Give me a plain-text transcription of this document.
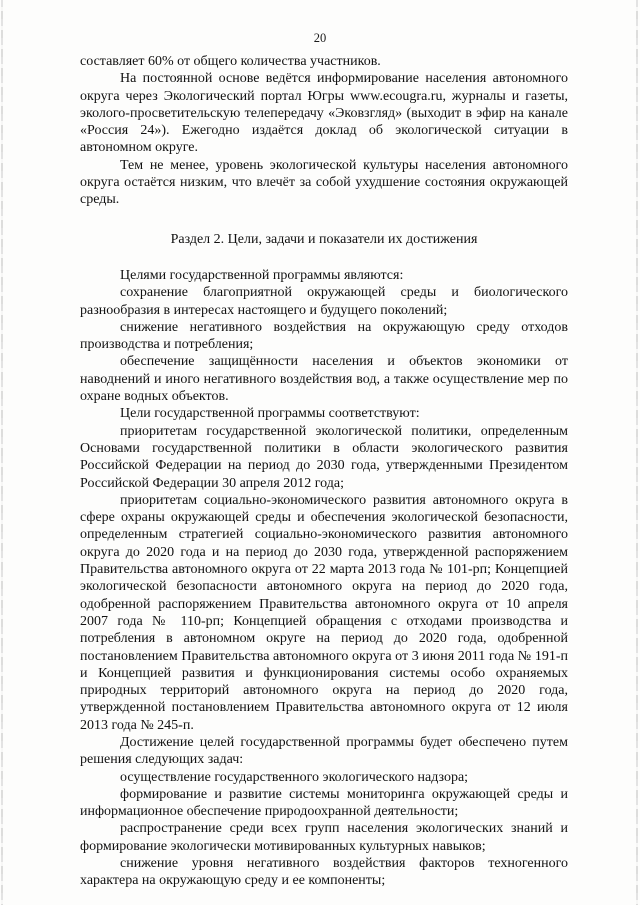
20

составляет 60% от общего количества участников.

На постоянной основе ведётся информирование населения автономного округа через Экологический портал Югры www.ecougra.ru, журналы и газеты, эколого-просветительскую телепередачу «Эковзгляд» (выходит в эфир на канале «Россия 24»). Ежегодно издаётся доклад об экологической ситуации в автономном округе.

Тем не менее, уровень экологической культуры населения автономного округа остаётся низким, что влечёт за собой ухудшение состояния окружающей среды.

Раздел 2. Цели, задачи и показатели их достижения

Целями государственной программы являются:

сохранение благоприятной окружающей среды и биологического разнообразия в интересах настоящего и будущего поколений;

снижение негативного воздействия на окружающую среду отходов производства и потребления;

обеспечение защищённости населения и объектов экономики от наводнений и иного негативного воздействия вод, а также осуществление мер по охране водных объектов.

Цели государственной программы соответствуют:

приоритетам государственной экологической политики, определенным Основами государственной политики в области экологического развития Российской Федерации на период до 2030 года, утвержденными Президентом Российской Федерации 30 апреля 2012 года;

приоритетам социально-экономического развития автономного округа в сфере охраны окружающей среды и обеспечения экологической безопасности, определенным стратегией социально-экономического развития автономного округа до 2020 года и на период до 2030 года, утвержденной распоряжением Правительства автономного округа от 22 марта 2013 года № 101-рп; Концепцией экологической безопасности автономного округа на период до 2020 года, одобренной распоряжением Правительства автономного округа от 10 апреля 2007 года № 110-рп; Концепцией обращения с отходами производства и потребления в автономном округе на период до 2020 года, одобренной постановлением Правительства автономного округа от 3 июня 2011 года № 191-п и Концепцией развития и функционирования системы особо охраняемых природных территорий автономного округа на период до 2020 года, утвержденной постановлением Правительства автономного округа от 12 июля 2013 года № 245-п.

Достижение целей государственной программы будет обеспечено путем решения следующих задач:

осуществление государственного экологического надзора;

формирование и развитие системы мониторинга окружающей среды и информационное обеспечение природоохранной деятельности;

распространение среди всех групп населения экологических знаний и формирование экологически мотивированных культурных навыков;

снижение уровня негативного воздействия факторов техногенного характера на окружающую среду и ее компоненты;
